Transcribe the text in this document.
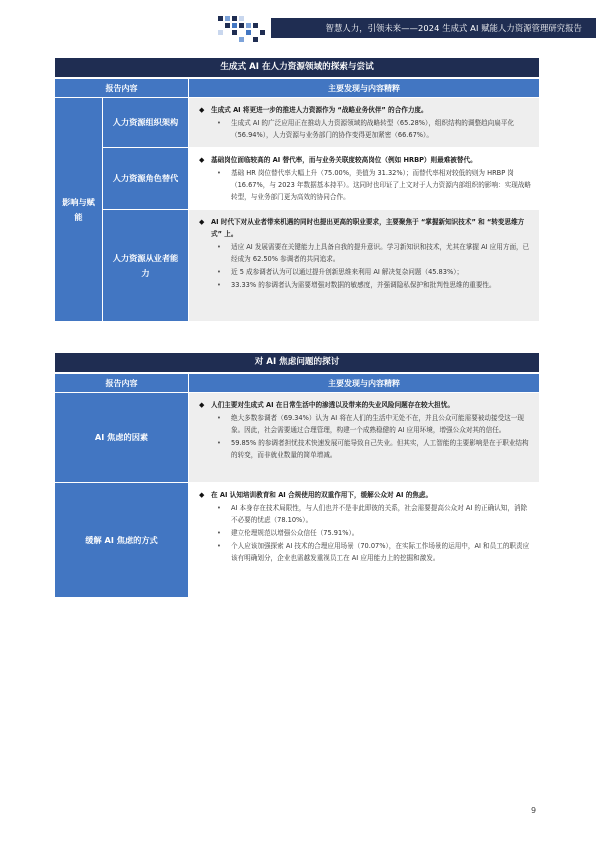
智慧人力，引领未来——2024 生成式 AI 赋能人力资源管理研究报告
生成式 AI 在人力资源领域的探索与尝试
报告内容	主要发现与内容精粹
影响与赋能
人力资源组织架构
◆	生成式 AI 将更进一步的推进人力资源作为 “战略业务伙伴” 的合作力度。
•	生成式 AI 的广泛应用正在推动人力资源领域的战略转型（65.28%），组织结构的调整趋向扁平化（56.94%），人力资源与业务部门的协作变得更加紧密（66.67%）。
人力资源角色替代
◆	基础岗位面临较高的 AI 替代率，而与业务关联度较高岗位（例如 HRBP）则最难被替代。
•	基础 HR 岗位替代率大幅上升（75.00%，美值为 31.32%）；而替代率相对较低的则为 HRBP 岗（16.67%，与 2023 年数据基本持平）。这同时也印证了上文对于人力资源内部组织的影响：实现战略转型，与业务部门更为高效的协同合作。
人力资源从业者能力
◆	AI 时代下对从业者带来机遇的同时也提出更高的职业要求，主要聚焦于 “掌握新知识技术” 和 “转变思维方式” 上。
•	适应 AI 发展需要在关键能力上具备自我的提升意识。学习新知识和技术，尤其在掌握 AI 应用方面，已经成为 62.50% 参调者的共同追求。
•	近 5 成参调者认为可以通过提升创新思维来利用 AI 解决复杂问题（45.83%）；
•	33.33% 的参调者认为需要增强对数据的敏感度，并强调隐私保护和批判性思维的重要性。
对 AI 焦虑问题的探讨
报告内容	主要发现与内容精粹
AI 焦虑的因素
◆	人们主要对生成式 AI 在日常生活中的渗透以及带来的失业风险问题存在较大担忧。
•	绝大多数参调者（69.34%）认为 AI 将在人们的生活中无处不在，并且公众可能需要被动接受这一现象。因此，社会需要通过合理管理，构建一个成熟稳健的 AI 应用环境，增强公众对其的信任。
•	59.85% 的参调者担忧技术快速发展可能导致自己失业。但其实，人工智能的主要影响是在于职业结构的转变，而非就业数量的简单增减。
缓解 AI 焦虑的方式
◆	在 AI 认知培训教育和 AI 合规使用的双重作用下，缓解公众对 AI 的焦虑。
•	AI 本身存在技术局限性，与人们也并不是非此即彼的关系，社会需要提高公众对 AI 的正确认知，消除不必要的忧虑（78.10%）。
•	建立伦理规范以增强公众信任（75.91%）。
•	个人应该加强探索 AI 技术的合理应用场景（70.07%），在实际工作场景的运用中，AI 和员工的职责应该有明确划分，企业也需越发重视员工在 AI 应用能力上的挖掘和激发。
9
